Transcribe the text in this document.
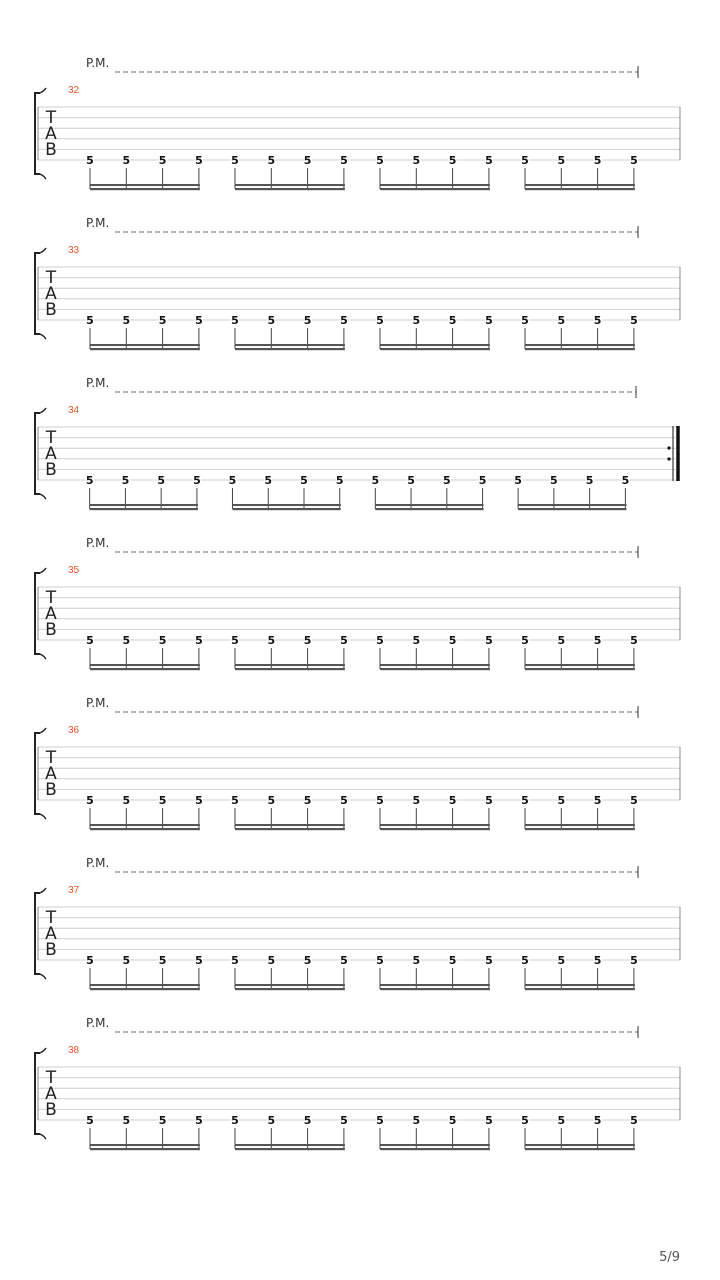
P.M.
32
T
A
B
5	5	5	5	5	5	5	5	5	5	5	5	5	5	5	5
P.M.
33
T
A
B
5	5	5	5	5	5	5	5	5	5	5	5	5	5	5	5
P.M.
34
T
A
B
5	5	5	5	5	5	5	5	5	5	5	5	5	5	5	5
P.M.
35
T
A
B
5	5	5	5	5	5	5	5	5	5	5	5	5	5	5	5
P.M.
36
T
A
B
5	5	5	5	5	5	5	5	5	5	5	5	5	5	5	5
P.M.
37
T
A
B
5	5	5	5	5	5	5	5	5	5	5	5	5	5	5	5
P.M.
38
T
A
B
5	5	5	5	5	5	5	5	5	5	5	5	5	5	5	5
5/9
